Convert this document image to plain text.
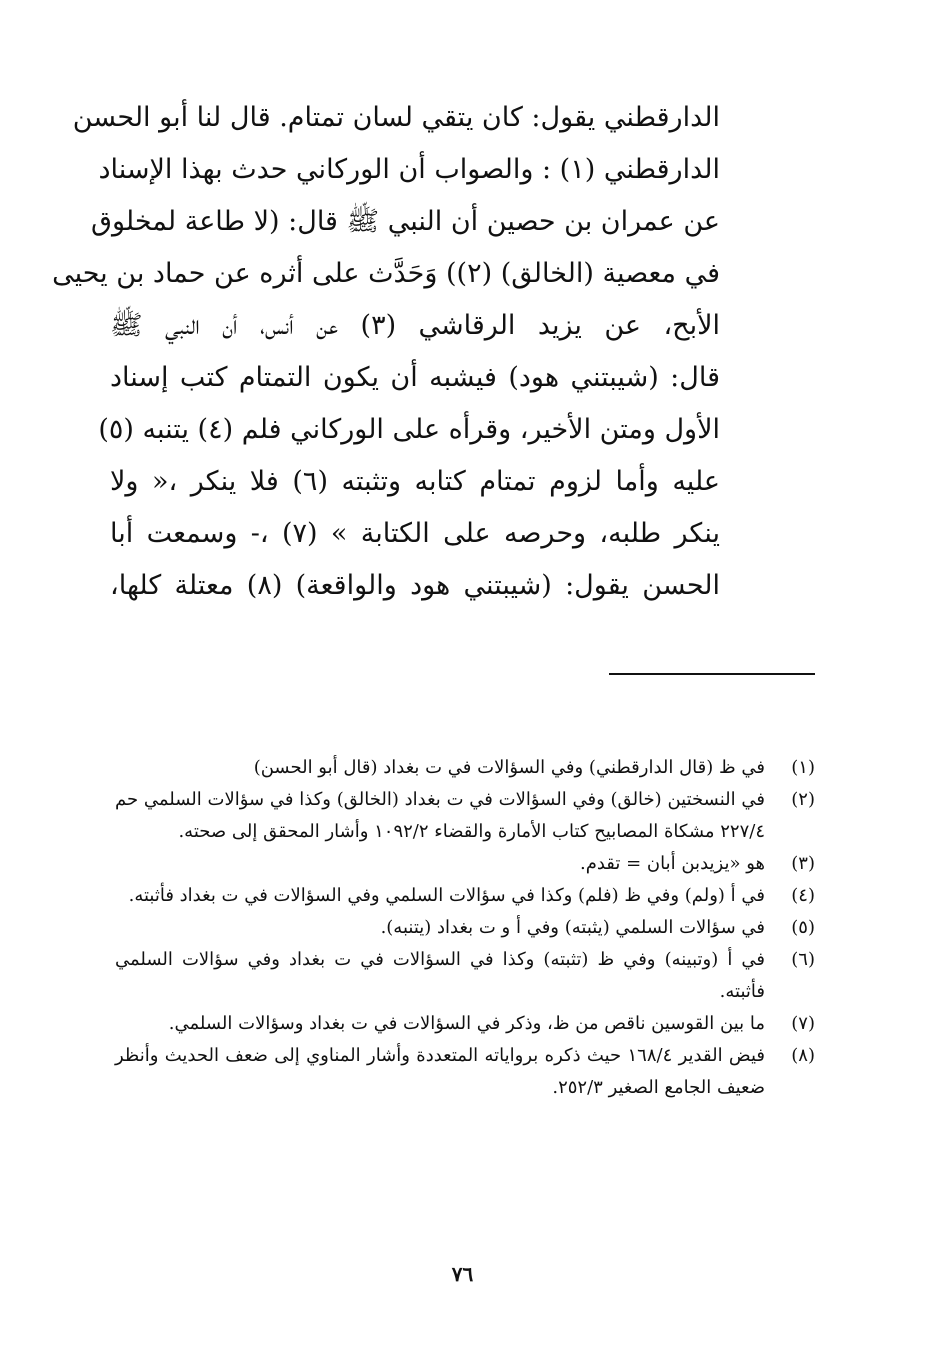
الدارقطني يقول: كان يتقي لسان تمتام. قال لنا أبو الحسن
الدارقطني (١) : والصواب أن الوركاني حدث بهذا الإسناد
عن عمران بن حصين أن النبي ﷺ قال: (لا طاعة لمخلوق
في معصية (الخالق) (٢)) وَحَدَّث على أثره عن حماد بن يحيى
الأبح، عن يزيد الرقاشي (٣) عن أنس، أن النبي ﷺ
قال: (شيبتني هود) فيشبه أن يكون التمتام كتب إسناد
الأول ومتن الأخير، وقرأه على الوركاني فلم (٤) يتنبه (٥)
عليه وأما لزوم تمتام كتابه وتثبته (٦) فلا ينكر ،« ولا
ينكر طلبه، وحرصه على الكتابة » (٧) ،- وسمعت أبا
الحسن يقول: (شيبتني هود والواقعة) (٨) معتلة كلها،
(١)
في ظ (قال الدارقطني) وفي السؤالات في ت بغداد (قال أبو الحسن)
(٢)
في النسختين (خالق) وفي السؤالات في ت بغداد (الخالق) وكذا في سؤالات السلمي حم ٢٢٧/٤ مشكاة المصابيح كتاب الأمارة والقضاء ١٠٩٢/٢ وأشار المحقق إلى صحته.
(٣)
هو «يزيدبن أبان = تقدم.
(٤)
في أ (ولم) وفي ظ (فلم) وكذا في سؤالات السلمي وفي السؤالات في ت بغداد فأثبته.
(٥)
في سؤالات السلمي (يثبته) وفي أ و ت بغداد (يتنبه).
(٦)
في أ (وتبينه) وفي ظ (تثبته) وكذا في السؤالات في ت بغداد وفي سؤالات السلمي فأثبته.
(٧)
ما بين القوسين ناقص من ظ، وذكر في السؤالات في ت بغداد وسؤالات السلمي.
(٨)
فيض القدير ١٦٨/٤ حيث ذكره برواياته المتعددة وأشار المناوي إلى ضعف الحديث وأنظر ضعيف الجامع الصغير ٢٥٢/٣.
٧٦
